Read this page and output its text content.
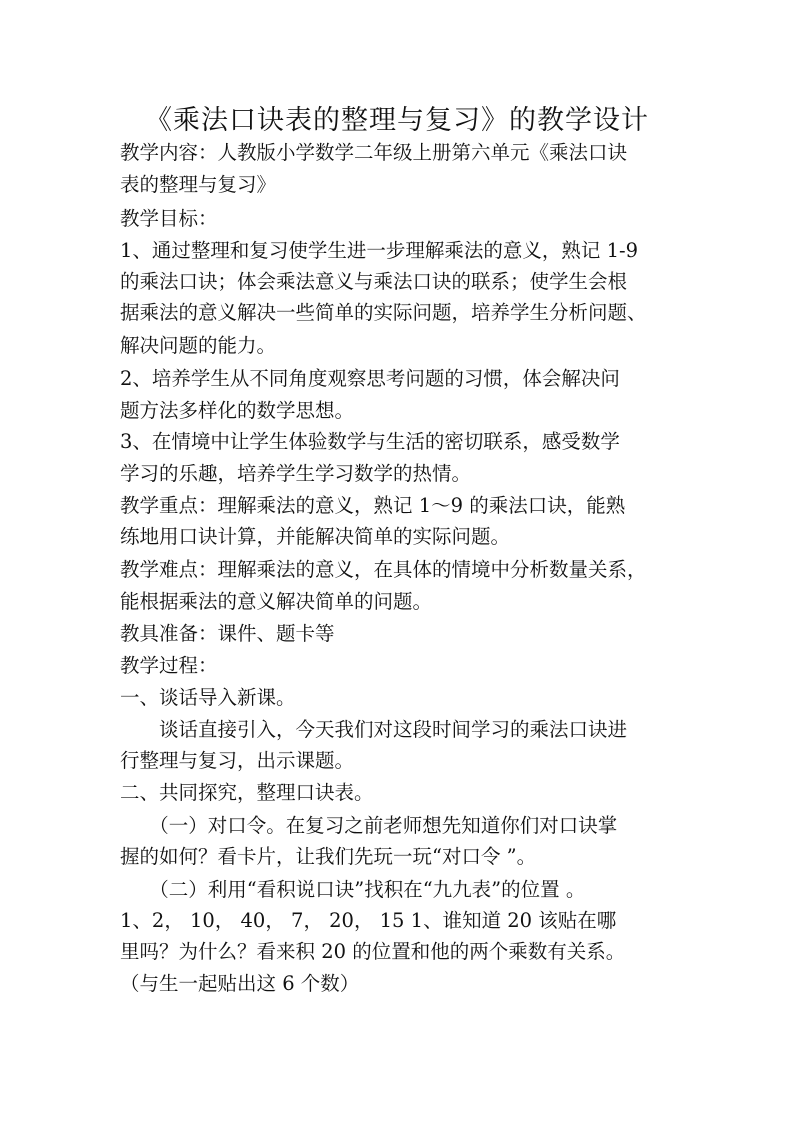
《乘法口诀表的整理与复习》的教学设计
教学内容：人教版小学数学二年级上册第六单元《乘法口诀
表的整理与复习》
教学目标：
1、通过整理和复习使学生进一步理解乘法的意义，熟记 1-9
的乘法口诀；体会乘法意义与乘法口诀的联系；使学生会根
据乘法的意义解决一些简单的实际问题，培养学生分析问题、
解决问题的能力。
2、培养学生从不同角度观察思考问题的习惯，体会解决问
题方法多样化的数学思想。
3、在情境中让学生体验数学与生活的密切联系，感受数学
学习的乐趣，培养学生学习数学的热情。
教学重点：理解乘法的意义，熟记 1～9 的乘法口诀，能熟
练地用口诀计算，并能解决简单的实际问题。
教学难点：理解乘法的意义，在具体的情境中分析数量关系，
能根据乘法的意义解决简单的问题。
教具准备：课件、题卡等
教学过程：
一、谈话导入新课。
　　谈话直接引入，今天我们对这段时间学习的乘法口诀进
行整理与复习，出示课题。
二、共同探究，整理口诀表。
　　（一）对口令。在复习之前老师想先知道你们对口诀掌
握的如何？看卡片，让我们先玩一玩“对口令 ”。
　　（二）利用“看积说口诀”找积在“九九表”的位置 。
1、2， 10， 40， 7， 20， 15 1、谁知道 20 该贴在哪
里吗？为什么？看来积 20 的位置和他的两个乘数有关系。
（与生一起贴出这 6 个数）
